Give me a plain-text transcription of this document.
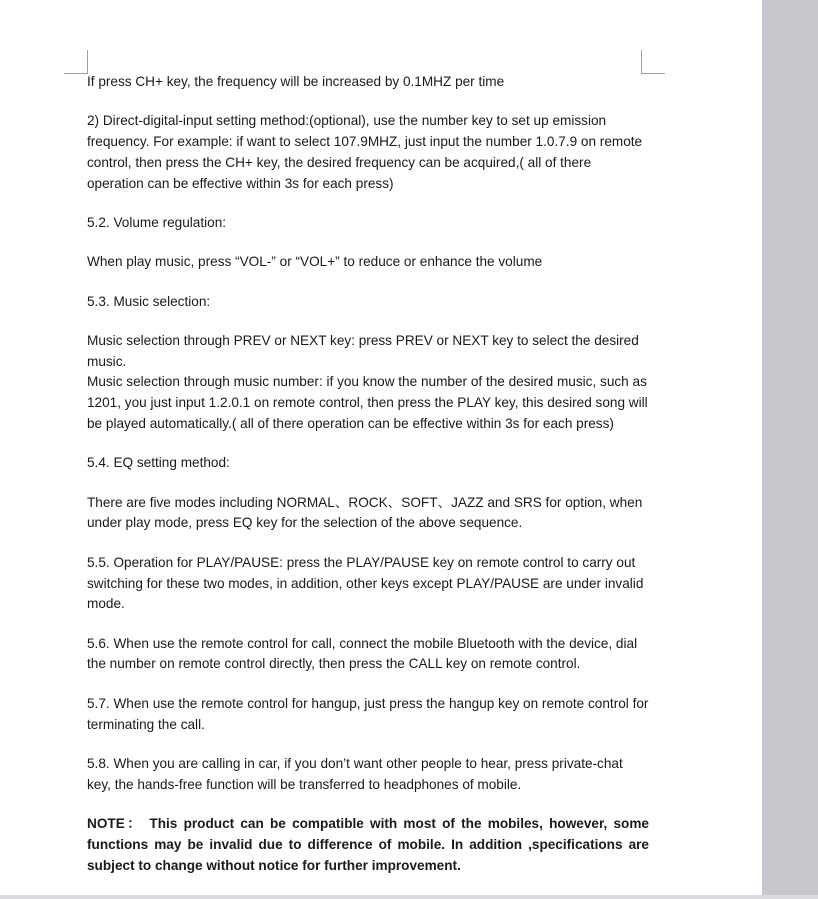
If press CH+ key, the frequency will be increased by 0.1MHZ per time

2) Direct-digital-input setting method:(optional), use the number key to set up emission frequency. For example: if want to select 107.9MHZ, just input the number 1.0.7.9 on remote control, then press the CH+ key, the desired frequency can be acquired,( all of there operation can be effective within 3s for each press)

5.2. Volume regulation:

When play music, press “VOL-” or “VOL+” to reduce or enhance the volume

5.3. Music selection:

Music selection through PREV or NEXT key: press PREV or NEXT key to select the desired music.

Music selection through music number: if you know the number of the desired music, such as 1201, you just input 1.2.0.1 on remote control, then press the PLAY key, this desired song will be played automatically.( all of there operation can be effective within 3s for each press)

5.4. EQ setting method:

There are five modes including NORMAL、ROCK、SOFT、JAZZ and SRS for option, when under play mode, press EQ key for the selection of the above sequence.

5.5. Operation for PLAY/PAUSE: press the PLAY/PAUSE key on remote control to carry out switching for these two modes, in addition, other keys except PLAY/PAUSE are under invalid mode.

5.6. When use the remote control for call, connect the mobile Bluetooth with the device, dial the number on remote control directly, then press the CALL key on remote control.

5.7. When use the remote control for hangup, just press the hangup key on remote control for terminating the call.

5.8. When you are calling in car, if you don’t want other people to hear, press private-chat key, the hands-free function will be transferred to headphones of mobile.

NOTE： This product can be compatible with most of the mobiles, however, some functions may be invalid due to difference of mobile. In addition ,specifications are subject to change without notice for further improvement.
